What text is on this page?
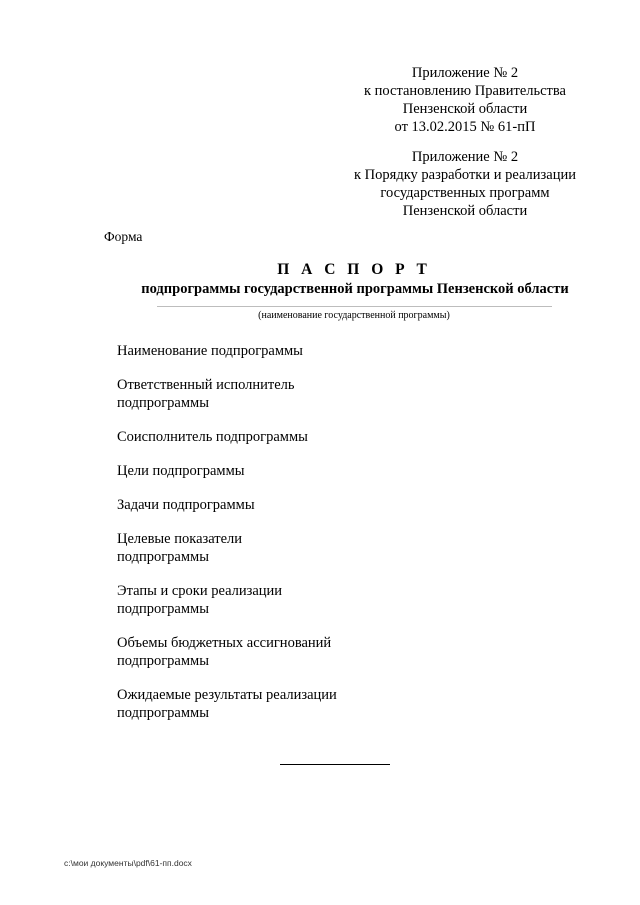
Приложение № 2
к постановлению Правительства
Пензенской области
от 13.02.2015 № 61-пП
Приложение № 2
к Порядку разработки и реализации
государственных программ
Пензенской области
Форма
П А С П О Р Т
подпрограммы государственной программы Пензенской области
(наименование государственной программы)
Наименование подпрограммы
Ответственный исполнитель
подпрограммы
Соисполнитель подпрограммы
Цели подпрограммы
Задачи подпрограммы
Целевые показатели
подпрограммы
Этапы и сроки реализации
подпрограммы
Объемы бюджетных ассигнований
подпрограммы
Ожидаемые результаты реализации
подпрограммы
c:\мои документы\pdf\61-пп.docx
